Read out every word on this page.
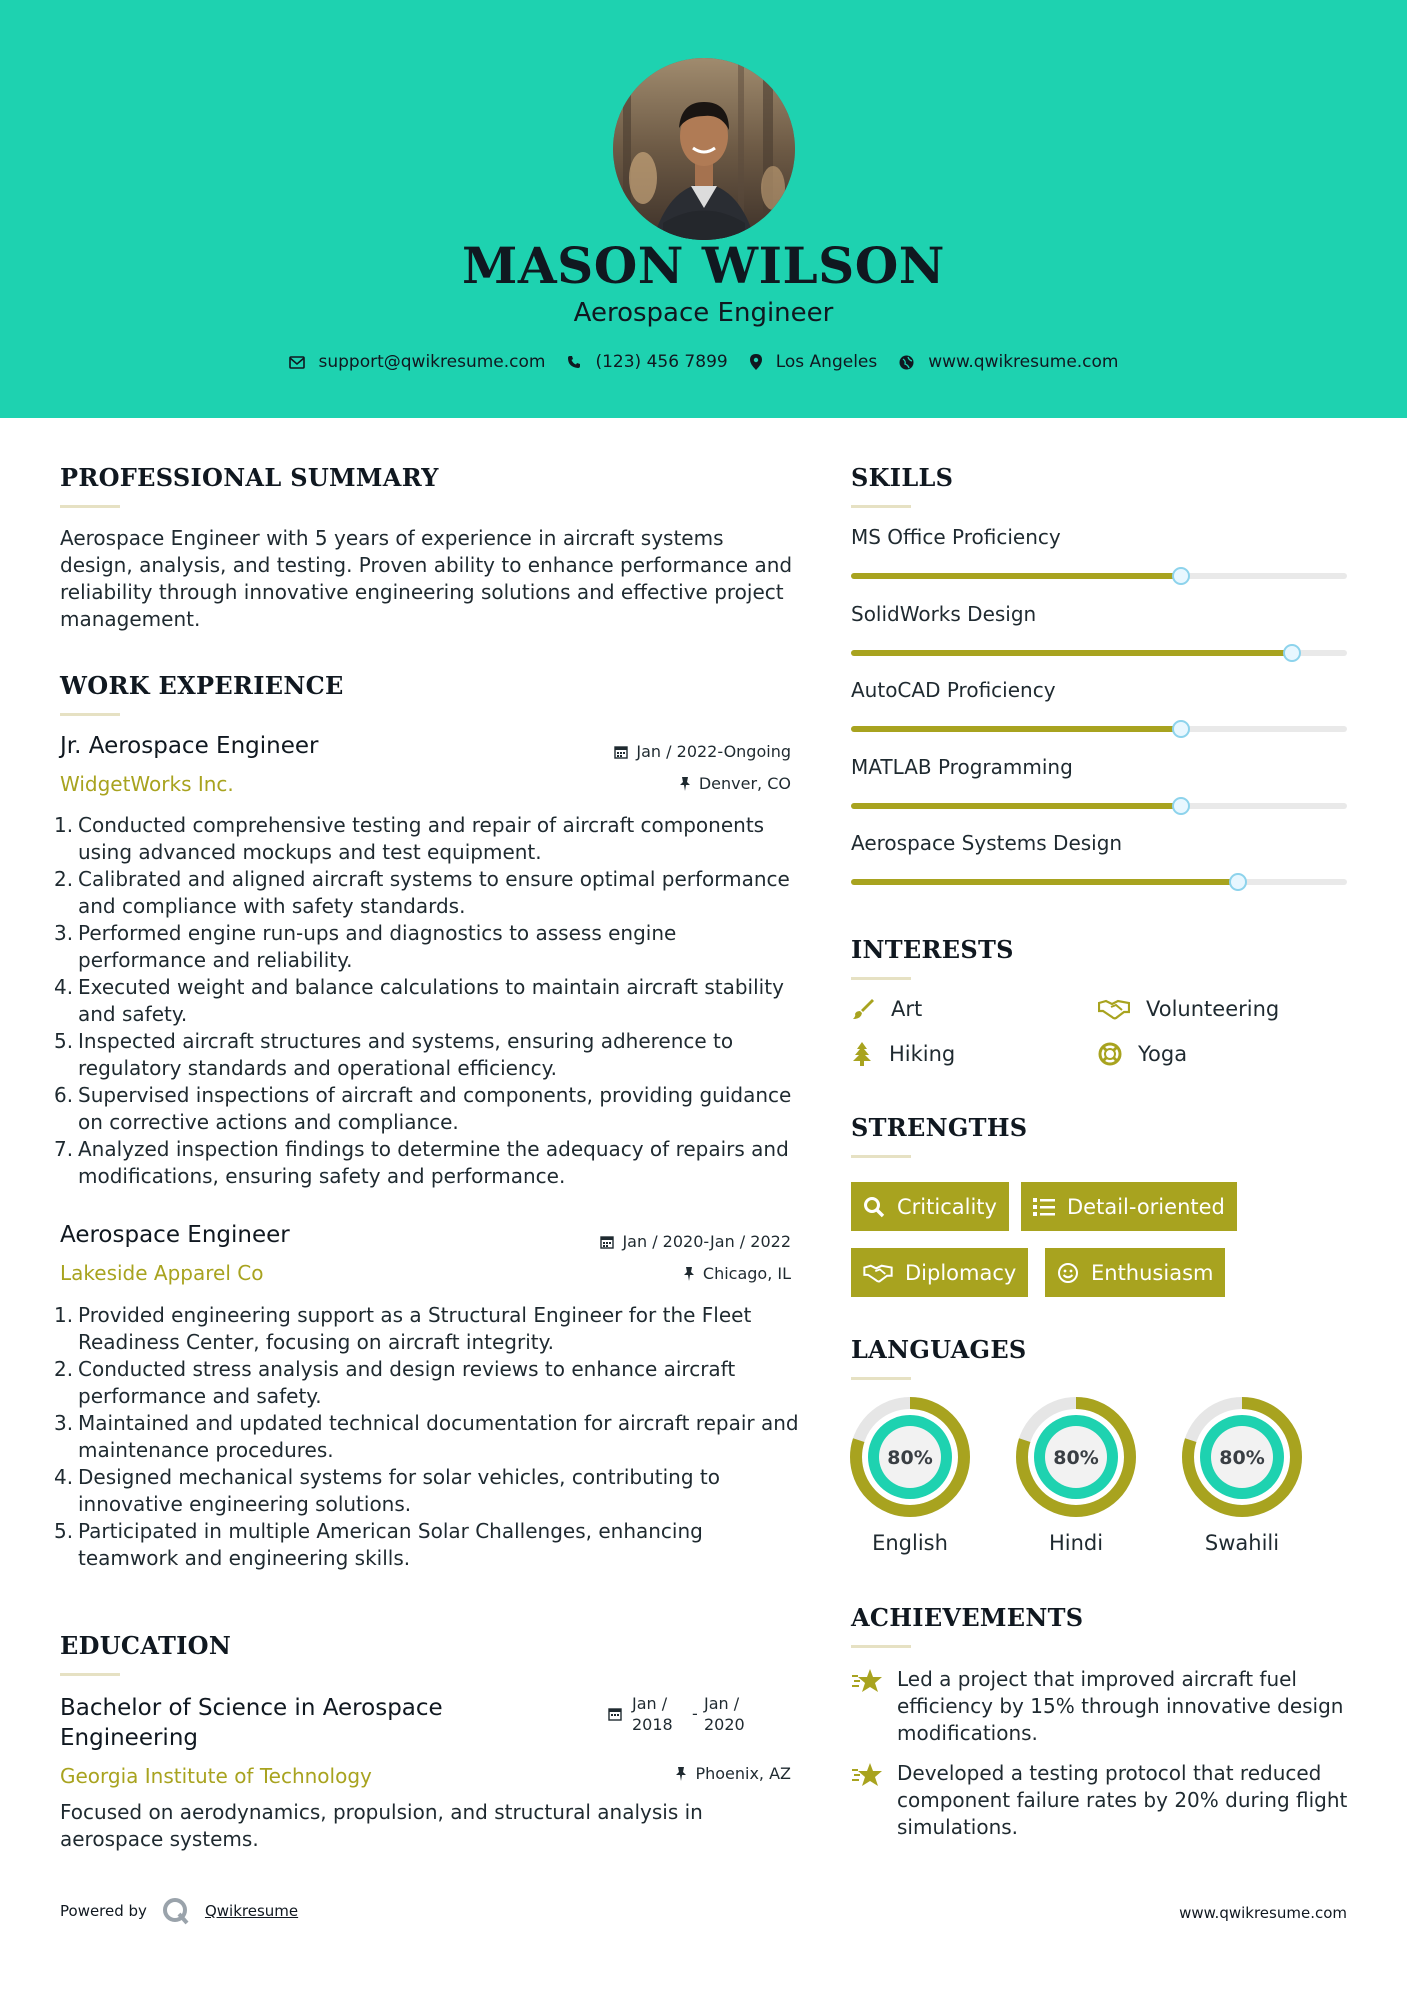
MASON WILSON
Aerospace Engineer
support@qwikresume.com	(123) 456 7899	Los Angeles	www.qwikresume.com
PROFESSIONAL SUMMARY
Aerospace Engineer with 5 years of experience in aircraft systems design, analysis, and testing. Proven ability to enhance performance and reliability through innovative engineering solutions and effective project management.
WORK EXPERIENCE
Jr. Aerospace Engineer	Jan / 2022-Ongoing
WidgetWorks Inc.	Denver, CO
1. Conducted comprehensive testing and repair of aircraft components using advanced mockups and test equipment.
2. Calibrated and aligned aircraft systems to ensure optimal performance and compliance with safety standards.
3. Performed engine run-ups and diagnostics to assess engine performance and reliability.
4. Executed weight and balance calculations to maintain aircraft stability and safety.
5. Inspected aircraft structures and systems, ensuring adherence to regulatory standards and operational efficiency.
6. Supervised inspections of aircraft and components, providing guidance on corrective actions and compliance.
7. Analyzed inspection findings to determine the adequacy of repairs and modifications, ensuring safety and performance.
Aerospace Engineer	Jan / 2020-Jan / 2022
Lakeside Apparel Co	Chicago, IL
1. Provided engineering support as a Structural Engineer for the Fleet Readiness Center, focusing on aircraft integrity.
2. Conducted stress analysis and design reviews to enhance aircraft performance and safety.
3. Maintained and updated technical documentation for aircraft repair and maintenance procedures.
4. Designed mechanical systems for solar vehicles, contributing to innovative engineering solutions.
5. Participated in multiple American Solar Challenges, enhancing teamwork and engineering skills.
EDUCATION
Bachelor of Science in Aerospace Engineering
Jan / 2018
-
Jan / 2020
Georgia Institute of Technology	Phoenix, AZ
Focused on aerodynamics, propulsion, and structural analysis in aerospace systems.
SKILLS
MS Office Proficiency
SolidWorks Design
AutoCAD Proficiency
MATLAB Programming
Aerospace Systems Design
INTERESTS
Art	Volunteering
Hiking	Yoga
STRENGTHS
Criticality	Detail-oriented
Diplomacy	Enthusiasm
LANGUAGES
80%
English
80%
Hindi
80%
Swahili
ACHIEVEMENTS
Led a project that improved aircraft fuel efficiency by 15% through innovative design modifications.
Developed a testing protocol that reduced component failure rates by 20% during flight simulations.
Powered by	Qwikresume	www.qwikresume.com
